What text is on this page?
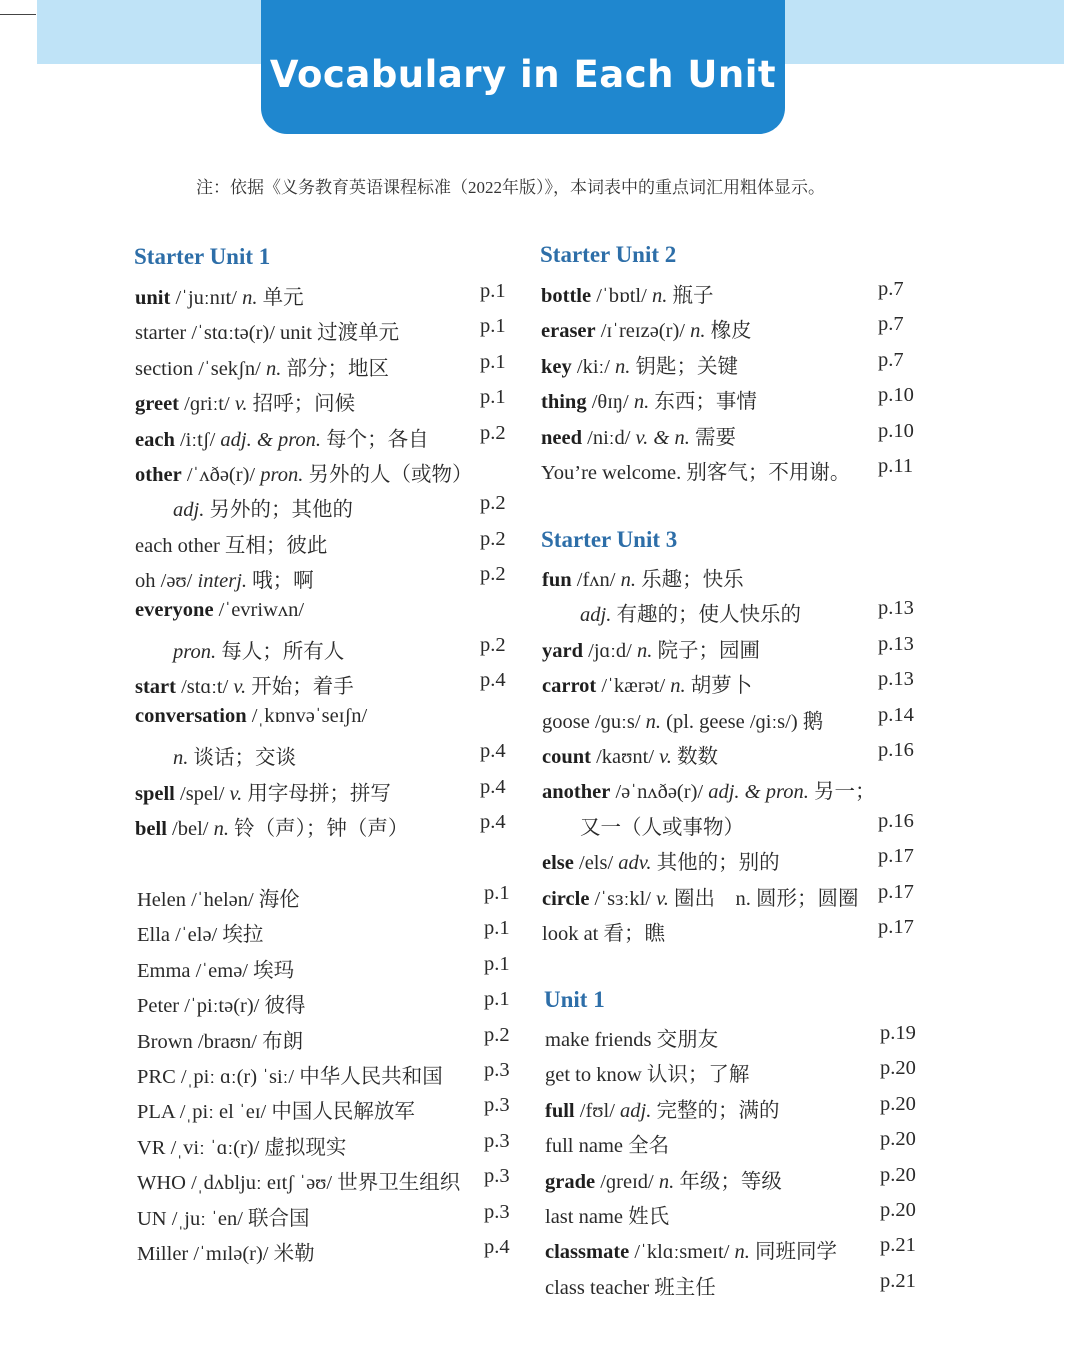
Vocabulary in Each Unit
注：依据《义务教育英语课程标准（2022年版）》，本词表中的重点词汇用粗体显示。
Starter Unit 1
unit /ˈjuːnɪt/ n. 单元	p.1
starter /ˈstɑːtə(r)/ unit 过渡单元	p.1
section /ˈsekʃn/ n. 部分；地区	p.1
greet /ɡriːt/ v. 招呼；问候	p.1
each /iːtʃ/ adj. & pron. 每个；各自	p.2
other /ˈʌðə(r)/ pron. 另外的人（或物）
adj. 另外的；其他的	p.2
each other 互相；彼此	p.2
oh /əʊ/ interj. 哦；啊	p.2
everyone /ˈevriwʌn/
pron. 每人；所有人	p.2
start /stɑːt/ v. 开始；着手	p.4
conversation /ˌkɒnvəˈseɪʃn/
n. 谈话；交谈	p.4
spell /spel/ v. 用字母拼；拼写	p.4
bell /bel/ n. 铃（声）；钟（声）	p.4
Helen /ˈhelən/ 海伦	p.1
Ella /ˈelə/ 埃拉	p.1
Emma /ˈemə/ 埃玛	p.1
Peter /ˈpiːtə(r)/ 彼得	p.1
Brown /braʊn/ 布朗	p.2
PRC /ˌpiː ɑː(r) ˈsiː/ 中华人民共和国 p.3
PLA /ˌpiː el ˈeɪ/ 中国人民解放军	p.3
VR /ˌviː ˈɑː(r)/ 虚拟现实	p.3
WHO /ˌdʌbljuː eɪtʃ ˈəʊ/ 世界卫生组织 p.3
UN /ˌjuː ˈen/ 联合国	p.3
Miller /ˈmɪlə(r)/ 米勒	p.4
Starter Unit 2
bottle /ˈbɒtl/ n. 瓶子	p.7
eraser /ɪˈreɪzə(r)/ n. 橡皮	p.7
key /kiː/ n. 钥匙；关键	p.7
thing /θɪŋ/ n. 东西；事情	p.10
need /niːd/ v. & n. 需要	p.10
You’re welcome. 别客气；不用谢。 p.11
Starter Unit 3
fun /fʌn/ n. 乐趣；快乐
adj. 有趣的；使人快乐的	p.13
yard /jɑːd/ n. 院子；园圃	p.13
carrot /ˈkærət/ n. 胡萝卜	p.13
goose /ɡuːs/ n. (pl. geese /ɡiːs/) 鹅	p.14
count /kaʊnt/ v. 数数	p.16
another /əˈnʌðə(r)/ adj. & pron. 另一；
又一（人或事物）	p.16
else /els/ adv. 其他的；别的	p.17
circle /ˈsɜːkl/ v. 圈出　n. 圆形；圆圈 p.17
look at 看；瞧	p.17
Unit 1
make friends 交朋友	p.19
get to know 认识；了解	p.20
full /fʊl/ adj. 完整的；满的	p.20
full name 全名	p.20
grade /ɡreɪd/ n. 年级；等级	p.20
last name 姓氏	p.20
classmate /ˈklɑːsmeɪt/ n. 同班同学 p.21
class teacher 班主任	p.21
